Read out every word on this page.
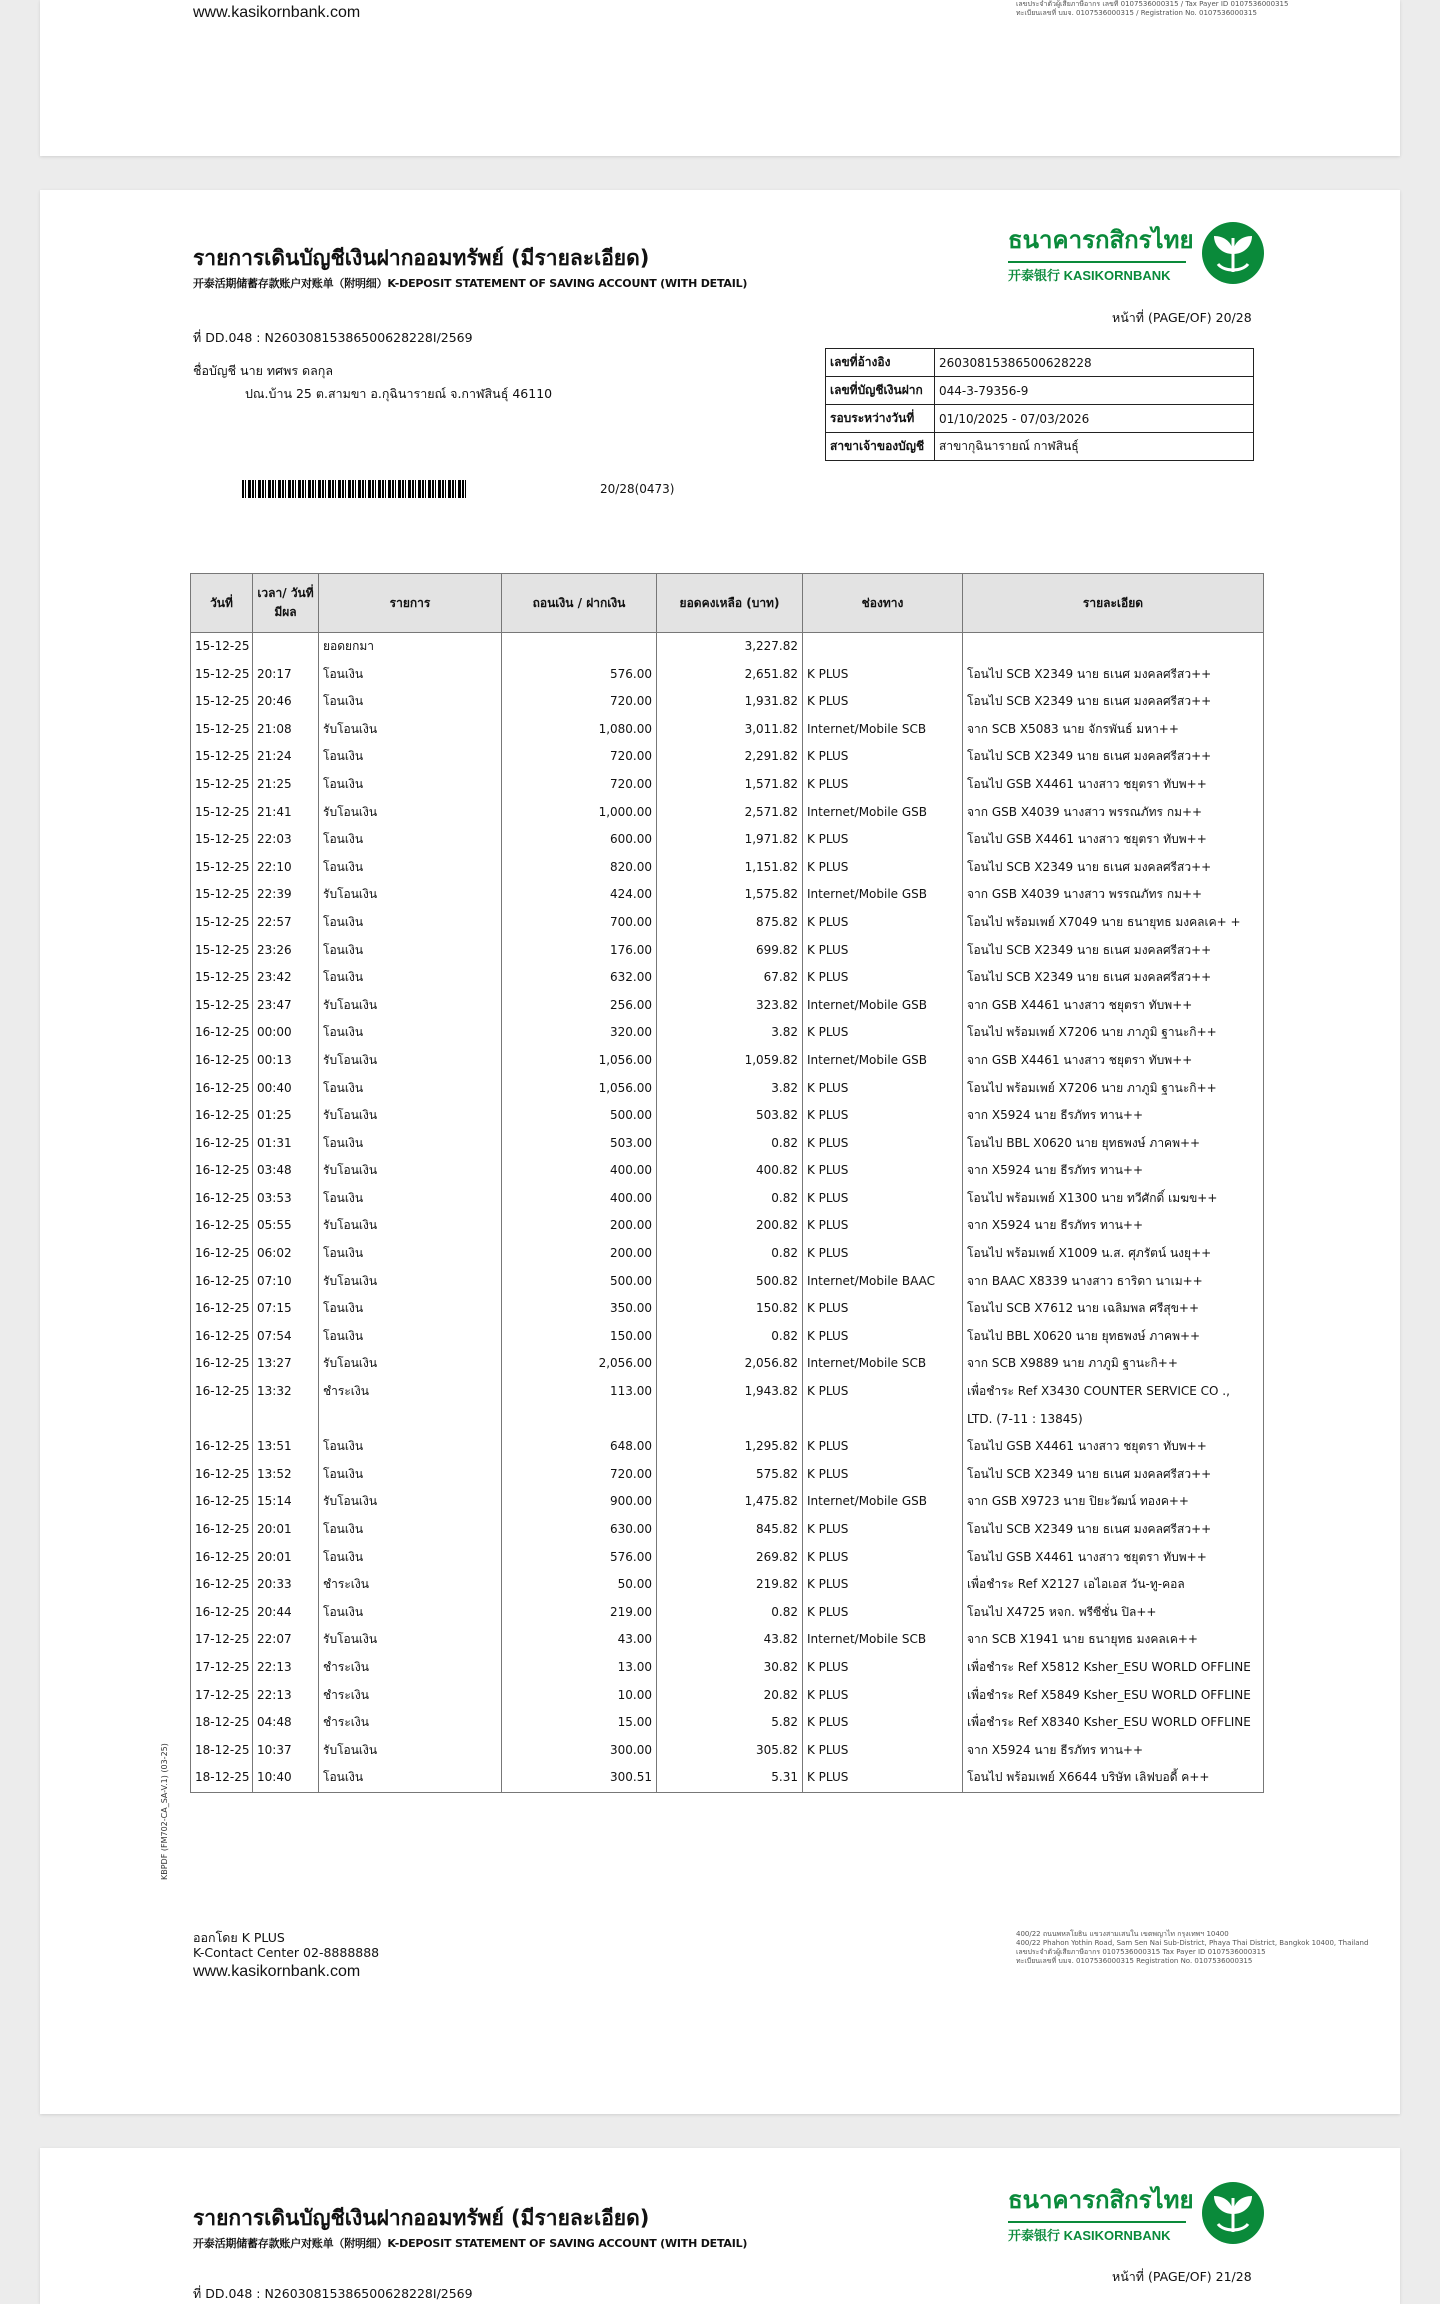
www.kasikornbank.com	เลขประจำตัวผู้เสียภาษีอากร เลขที่ 0107536000315 / Tax Payer ID 0107536000315
ทะเบียนเลขที่ บมจ. 0107536000315 / Registration No. 0107536000315
รายการเดินบัญชีเงินฝากออมทรัพย์ (มีรายละเอียด)
开泰活期储蓄存款账户对账单（附明细）K-DEPOSIT STATEMENT OF SAVING ACCOUNT (WITH DETAIL)
ธนาคารกสิกรไทย
开泰银行 KASIKORNBANK
หน้าที่ (PAGE/OF) 20/28
ที่ DD.048 : N26030815386500628228I/2569
ชื่อบัญชี นาย ทศพร ดลกุล
ปณ.บ้าน 25 ต.สามขา อ.กุฉินารายณ์ จ.กาฬสินธุ์ 46110
เลขที่อ้างอิง	26030815386500628228
เลขที่บัญชีเงินฝาก	044-3-79356-9
รอบระหว่างวันที่	01/10/2025 - 07/03/2026
สาขาเจ้าของบัญชี	สาขากุฉินารายณ์ กาฬสินธุ์
20/28(0473)
วันที่	เวลา/ วันที่มีผล	รายการ	ถอนเงิน / ฝากเงิน	ยอดคงเหลือ (บาท)	ช่องทาง	รายละเอียด
15-12-25		ยอดยกมา		3,227.82		
15-12-25	20:17	โอนเงิน	576.00	2,651.82	K PLUS	โอนไป SCB X2349 นาย ธเนศ มงคลศรีสว++
15-12-25	20:46	โอนเงิน	720.00	1,931.82	K PLUS	โอนไป SCB X2349 นาย ธเนศ มงคลศรีสว++
15-12-25	21:08	รับโอนเงิน	1,080.00	3,011.82	Internet/Mobile SCB	จาก SCB X5083 นาย จักรพันธ์ มหา++
15-12-25	21:24	โอนเงิน	720.00	2,291.82	K PLUS	โอนไป SCB X2349 นาย ธเนศ มงคลศรีสว++
15-12-25	21:25	โอนเงิน	720.00	1,571.82	K PLUS	โอนไป GSB X4461 นางสาว ชยุตรา ทับพ++
15-12-25	21:41	รับโอนเงิน	1,000.00	2,571.82	Internet/Mobile GSB	จาก GSB X4039 นางสาว พรรณภัทร กม++
15-12-25	22:03	โอนเงิน	600.00	1,971.82	K PLUS	โอนไป GSB X4461 นางสาว ชยุตรา ทับพ++
15-12-25	22:10	โอนเงิน	820.00	1,151.82	K PLUS	โอนไป SCB X2349 นาย ธเนศ มงคลศรีสว++
15-12-25	22:39	รับโอนเงิน	424.00	1,575.82	Internet/Mobile GSB	จาก GSB X4039 นางสาว พรรณภัทร กม++
15-12-25	22:57	โอนเงิน	700.00	875.82	K PLUS	โอนไป พร้อมเพย์ X7049 นาย ธนายุทธ มงคลเค+ +
15-12-25	23:26	โอนเงิน	176.00	699.82	K PLUS	โอนไป SCB X2349 นาย ธเนศ มงคลศรีสว++
15-12-25	23:42	โอนเงิน	632.00	67.82	K PLUS	โอนไป SCB X2349 นาย ธเนศ มงคลศรีสว++
15-12-25	23:47	รับโอนเงิน	256.00	323.82	Internet/Mobile GSB	จาก GSB X4461 นางสาว ชยุตรา ทับพ++
16-12-25	00:00	โอนเงิน	320.00	3.82	K PLUS	โอนไป พร้อมเพย์ X7206 นาย ภาภูมิ ฐานะกิ++
16-12-25	00:13	รับโอนเงิน	1,056.00	1,059.82	Internet/Mobile GSB	จาก GSB X4461 นางสาว ชยุตรา ทับพ++
16-12-25	00:40	โอนเงิน	1,056.00	3.82	K PLUS	โอนไป พร้อมเพย์ X7206 นาย ภาภูมิ ฐานะกิ++
16-12-25	01:25	รับโอนเงิน	500.00	503.82	K PLUS	จาก X5924 นาย ธีรภัทร ทาน++
16-12-25	01:31	โอนเงิน	503.00	0.82	K PLUS	โอนไป BBL X0620 นาย ยุทธพงษ์ ภาคพ++
16-12-25	03:48	รับโอนเงิน	400.00	400.82	K PLUS	จาก X5924 นาย ธีรภัทร ทาน++
16-12-25	03:53	โอนเงิน	400.00	0.82	K PLUS	โอนไป พร้อมเพย์ X1300 นาย ทวีศักดิ์ เมฆข++
16-12-25	05:55	รับโอนเงิน	200.00	200.82	K PLUS	จาก X5924 นาย ธีรภัทร ทาน++
16-12-25	06:02	โอนเงิน	200.00	0.82	K PLUS	โอนไป พร้อมเพย์ X1009 น.ส. ศุภรัตน์ นงยุ++
16-12-25	07:10	รับโอนเงิน	500.00	500.82	Internet/Mobile BAAC	จาก BAAC X8339 นางสาว ธาริดา นาเม++
16-12-25	07:15	โอนเงิน	350.00	150.82	K PLUS	โอนไป SCB X7612 นาย เฉลิมพล ศรีสุข++
16-12-25	07:54	โอนเงิน	150.00	0.82	K PLUS	โอนไป BBL X0620 นาย ยุทธพงษ์ ภาคพ++
16-12-25	13:27	รับโอนเงิน	2,056.00	2,056.82	Internet/Mobile SCB	จาก SCB X9889 นาย ภาภูมิ ฐานะกิ++
16-12-25	13:32	ชำระเงิน	113.00	1,943.82	K PLUS	เพื่อชำระ Ref X3430 COUNTER SERVICE CO ., LTD. (7-11 : 13845)
16-12-25	13:51	โอนเงิน	648.00	1,295.82	K PLUS	โอนไป GSB X4461 นางสาว ชยุตรา ทับพ++
16-12-25	13:52	โอนเงิน	720.00	575.82	K PLUS	โอนไป SCB X2349 นาย ธเนศ มงคลศรีสว++
16-12-25	15:14	รับโอนเงิน	900.00	1,475.82	Internet/Mobile GSB	จาก GSB X9723 นาย ปิยะวัฒน์ ทองค++
16-12-25	20:01	โอนเงิน	630.00	845.82	K PLUS	โอนไป SCB X2349 นาย ธเนศ มงคลศรีสว++
16-12-25	20:01	โอนเงิน	576.00	269.82	K PLUS	โอนไป GSB X4461 นางสาว ชยุตรา ทับพ++
16-12-25	20:33	ชำระเงิน	50.00	219.82	K PLUS	เพื่อชำระ Ref X2127 เอไอเอส วัน-ทู-คอล
16-12-25	20:44	โอนเงิน	219.00	0.82	K PLUS	โอนไป X4725 หจก. พรีซีชั่น ปิล++
17-12-25	22:07	รับโอนเงิน	43.00	43.82	Internet/Mobile SCB	จาก SCB X1941 นาย ธนายุทธ มงคลเค++
17-12-25	22:13	ชำระเงิน	13.00	30.82	K PLUS	เพื่อชำระ Ref X5812 Ksher_ESU WORLD OFFLINE
17-12-25	22:13	ชำระเงิน	10.00	20.82	K PLUS	เพื่อชำระ Ref X5849 Ksher_ESU WORLD OFFLINE
18-12-25	04:48	ชำระเงิน	15.00	5.82	K PLUS	เพื่อชำระ Ref X8340 Ksher_ESU WORLD OFFLINE
18-12-25	10:37	รับโอนเงิน	300.00	305.82	K PLUS	จาก X5924 นาย ธีรภัทร ทาน++
18-12-25	10:40	โอนเงิน	300.51	5.31	K PLUS	โอนไป พร้อมเพย์ X6644 บริษัท เลิฟบอดี้ ค++
KBPDF (FM702-CA_SA-V.1) (03-25)
ออกโดย K PLUS
K-Contact Center 02-8888888
www.kasikornbank.com
400/22 ถนนพหลโยธิน แขวงสามเสนใน เขตพญาไท กรุงเทพฯ 10400
400/22 Phahon Yothin Road, Sam Sen Nai Sub-District, Phaya Thai District, Bangkok 10400, Thailand
เลขประจำตัวผู้เสียภาษีอากร 0107536000315 Tax Payer ID 0107536000315
ทะเบียนเลขที่ บมจ. 0107536000315 Registration No. 0107536000315
รายการเดินบัญชีเงินฝากออมทรัพย์ (มีรายละเอียด)
开泰活期储蓄存款账户对账单（附明细）K-DEPOSIT STATEMENT OF SAVING ACCOUNT (WITH DETAIL)
ธนาคารกสิกรไทย
开泰银行 KASIKORNBANK
หน้าที่ (PAGE/OF) 21/28
ที่ DD.048 : N26030815386500628228I/2569
